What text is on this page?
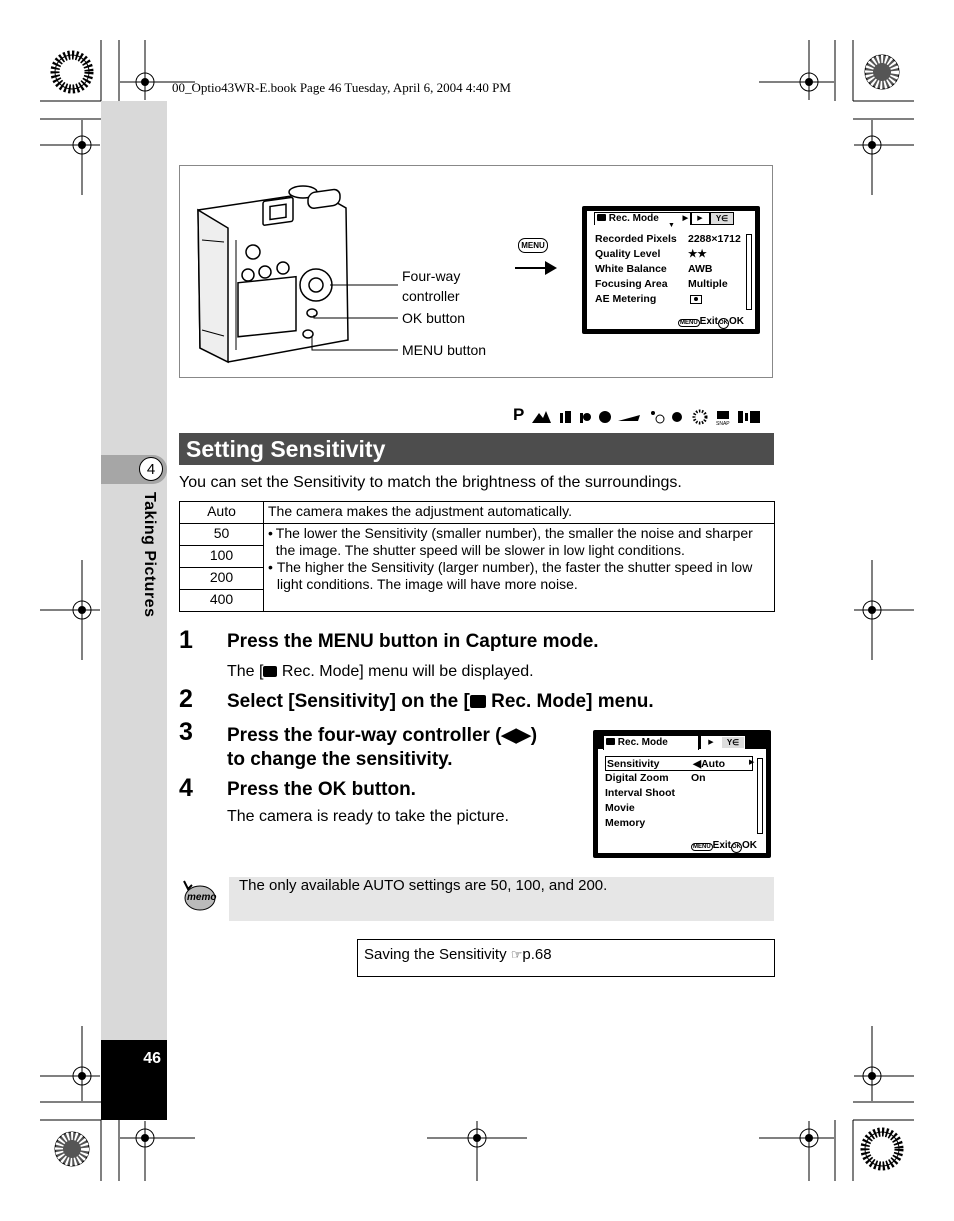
00_Optio43WR-E.book Page 46 Tuesday, April 6, 2004 4:40 PM
4
Taking Pictures
46
Four-way
controller
OK button
MENU button
MENU
Rec. Mode	▶	▶	Y∈
▼
Recorded Pixels	2288×1712
Quality Level	★★
White Balance	AWB
Focusing Area	Multiple
AE Metering
MENU ExitOKOK
P	SNAP
Setting Sensitivity
You can set the Sensitivity to match the brightness of the surroundings.
Auto	The camera makes the adjustment automatically.
50	• The lower the Sensitivity (smaller number), the smaller the noise and sharper the image. The shutter speed will be slower in low light conditions.
• The higher the Sensitivity (larger number), the faster the shutter speed in low light conditions. The image will have more noise.

100	
200	
400	
1 Press the MENU button in Capture mode.
The [ Rec. Mode] menu will be displayed.
2 Select [Sensitivity] on the [ Rec. Mode] menu.
3 Press the four-way controller (◀▶)
to change the sensitivity.
4 Press the OK button.
The camera is ready to take the picture.
Rec. Mode	▶	Y∈
Sensitivity	◀Auto
Digital Zoom	On
Interval Shoot
Movie
Memory
▶
MENU ExitOKOK
memo
The only available AUTO settings are 50, 100, and 200.
Saving the Sensitivity ☞p.68
